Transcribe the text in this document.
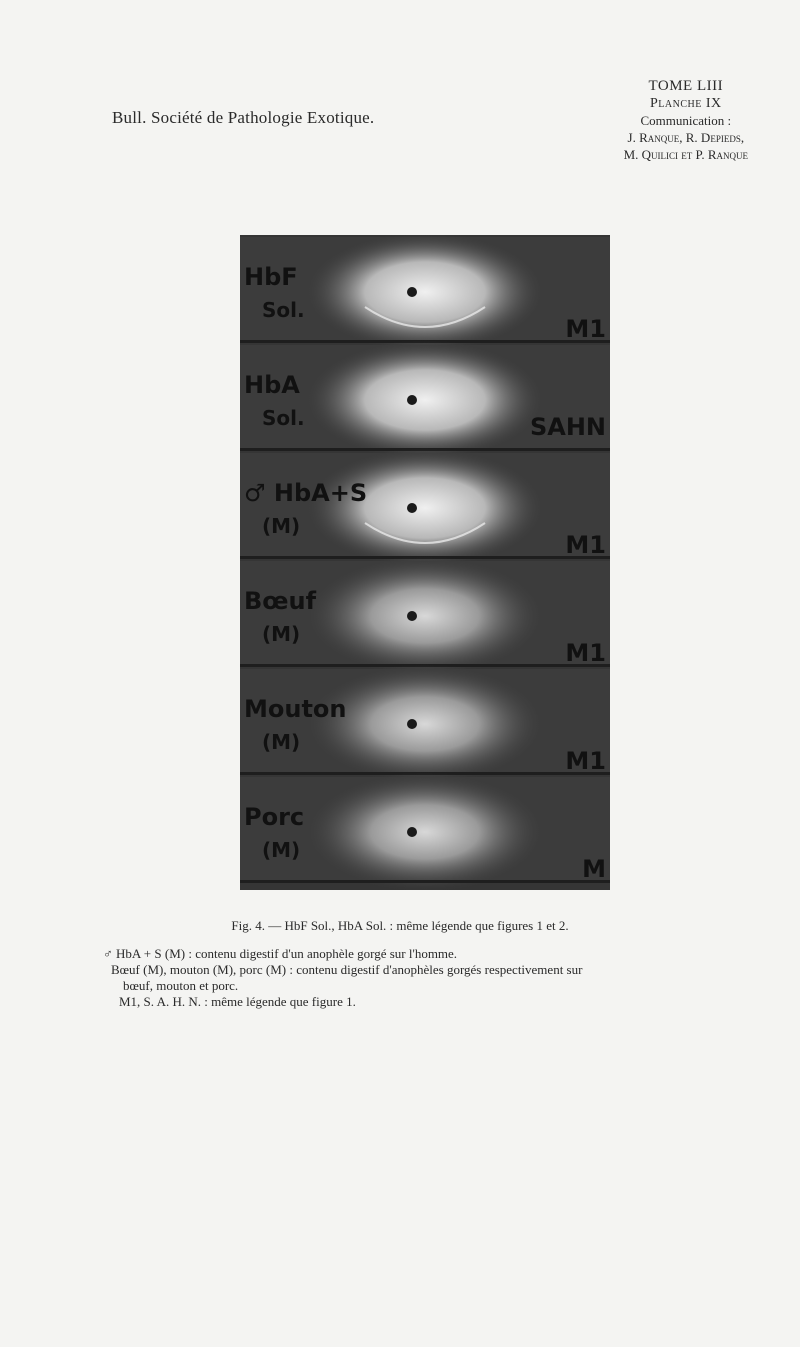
Bull. Société de Pathologie Exotique.
TOME LIII
Planche IX
Communication :
J. Ranque, R. Depieds,
M. Quilici et P. Ranque
HbF
Sol.
M1
HbA
Sol.	SAHN
♂ HbA+S
(M)
M1
Bœuf
(M)
M1
Mouton
(M)
M1
Porc
(M)
M
Fig. 4. — HbF Sol., HbA Sol. : même légende que figures 1 et 2.

♂ HbA + S (M) : contenu digestif d'un anophèle gorgé sur l'homme.

Bœuf (M), mouton (M), porc (M) : contenu digestif d'anophèles gorgés respectivement sur

bœuf, mouton et porc.

M1, S. A. H. N. : même légende que figure 1.
